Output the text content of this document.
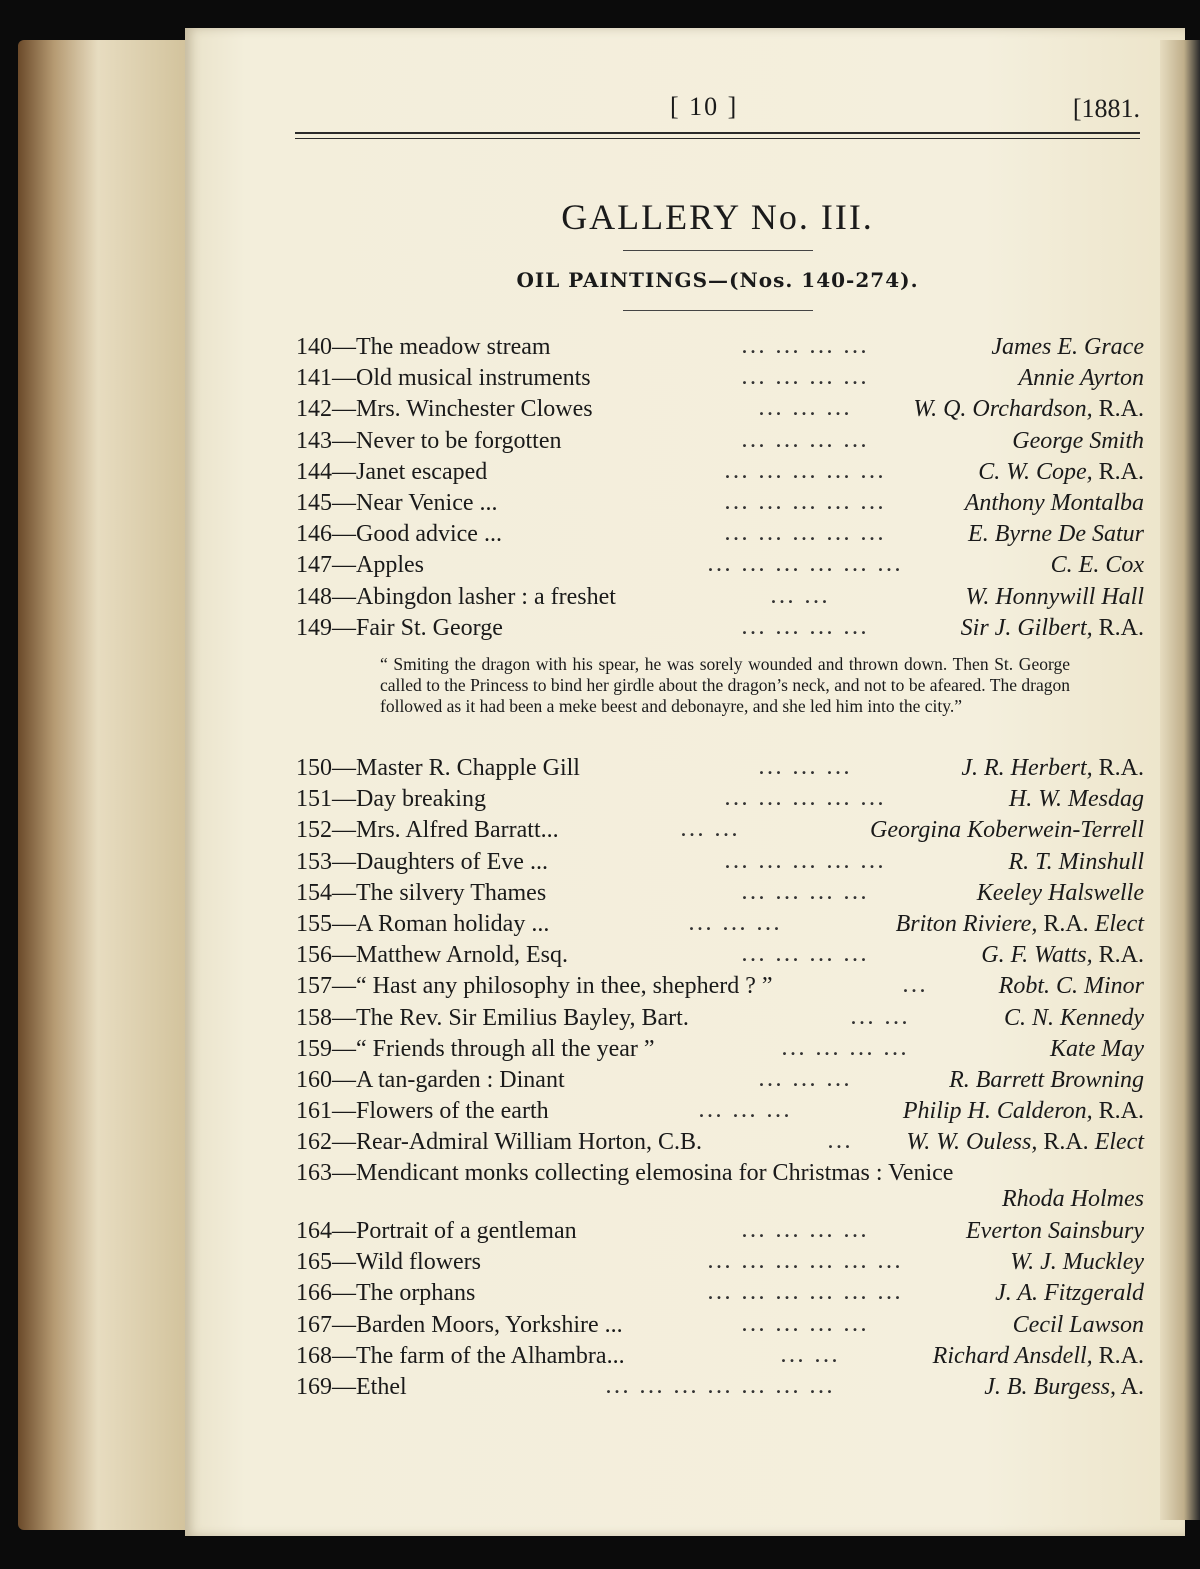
[ 10 ]	[1881.
GALLERY No. III.
OIL PAINTINGS—(Nos. 140-274).
140—The meadow stream	... ... ... ...	James E. Grace
141—Old musical instruments	... ... ... ...	Annie Ayrton
142—Mrs. Winchester Clowes	... ... ...	W. Q. Orchardson, R.A.
143—Never to be forgotten	... ... ... ...	George Smith
144—Janet escaped	... ... ... ... ...	C. W. Cope, R.A.
145—Near Venice ...	... ... ... ... ...	Anthony Montalba
146—Good advice ...	... ... ... ... ...	E. Byrne De Satur
147—Apples	... ... ... ... ... ...	C. E. Cox
148—Abingdon lasher : a freshet	... ...	W. Honnywill Hall
149—Fair St. George	... ... ... ...	Sir J. Gilbert, R.A.
“ Smiting the dragon with his spear, he was sorely wounded and thrown down. Then St. George called to the Princess to bind her girdle about the dragon’s neck, and not to be afeared. The dragon followed as it had been a meke beest and debonayre, and she led him into the city.”
150—Master R. Chapple Gill	... ... ...	J. R. Herbert, R.A.
151—Day breaking	... ... ... ... ...	H. W. Mesdag
152—Mrs. Alfred Barratt...	... ...	Georgina Koberwein-Terrell
153—Daughters of Eve ...	... ... ... ... ...	R. T. Minshull
154—The silvery Thames	... ... ... ...	Keeley Halswelle
155—A Roman holiday ...	... ... ...	Briton Riviere, R.A. Elect
156—Matthew Arnold, Esq.	... ... ... ...	G. F. Watts, R.A.
157—“ Hast any philosophy in thee, shepherd ? ”	...	Robt. C. Minor
158—The Rev. Sir Emilius Bayley, Bart.	... ...	C. N. Kennedy
159—“ Friends through all the year ”	... ... ... ...	Kate May
160—A tan-garden : Dinant	... ... ...	R. Barrett Browning
161—Flowers of the earth	... ... ...	Philip H. Calderon, R.A.
162—Rear-Admiral William Horton, C.B.	...	W. W. Ouless, R.A. Elect
163—Mendicant monks collecting elemosina for Christmas : Venice
Rhoda Holmes
164—Portrait of a gentleman	... ... ... ...	Everton Sainsbury
165—Wild flowers	... ... ... ... ... ...	W. J. Muckley
166—The orphans	... ... ... ... ... ...	J. A. Fitzgerald
167—Barden Moors, Yorkshire ...	... ... ... ...	Cecil Lawson
168—The farm of the Alhambra...	... ...	Richard Ansdell, R.A.
169—Ethel	... ... ... ... ... ... ...	J. B. Burgess, A.
